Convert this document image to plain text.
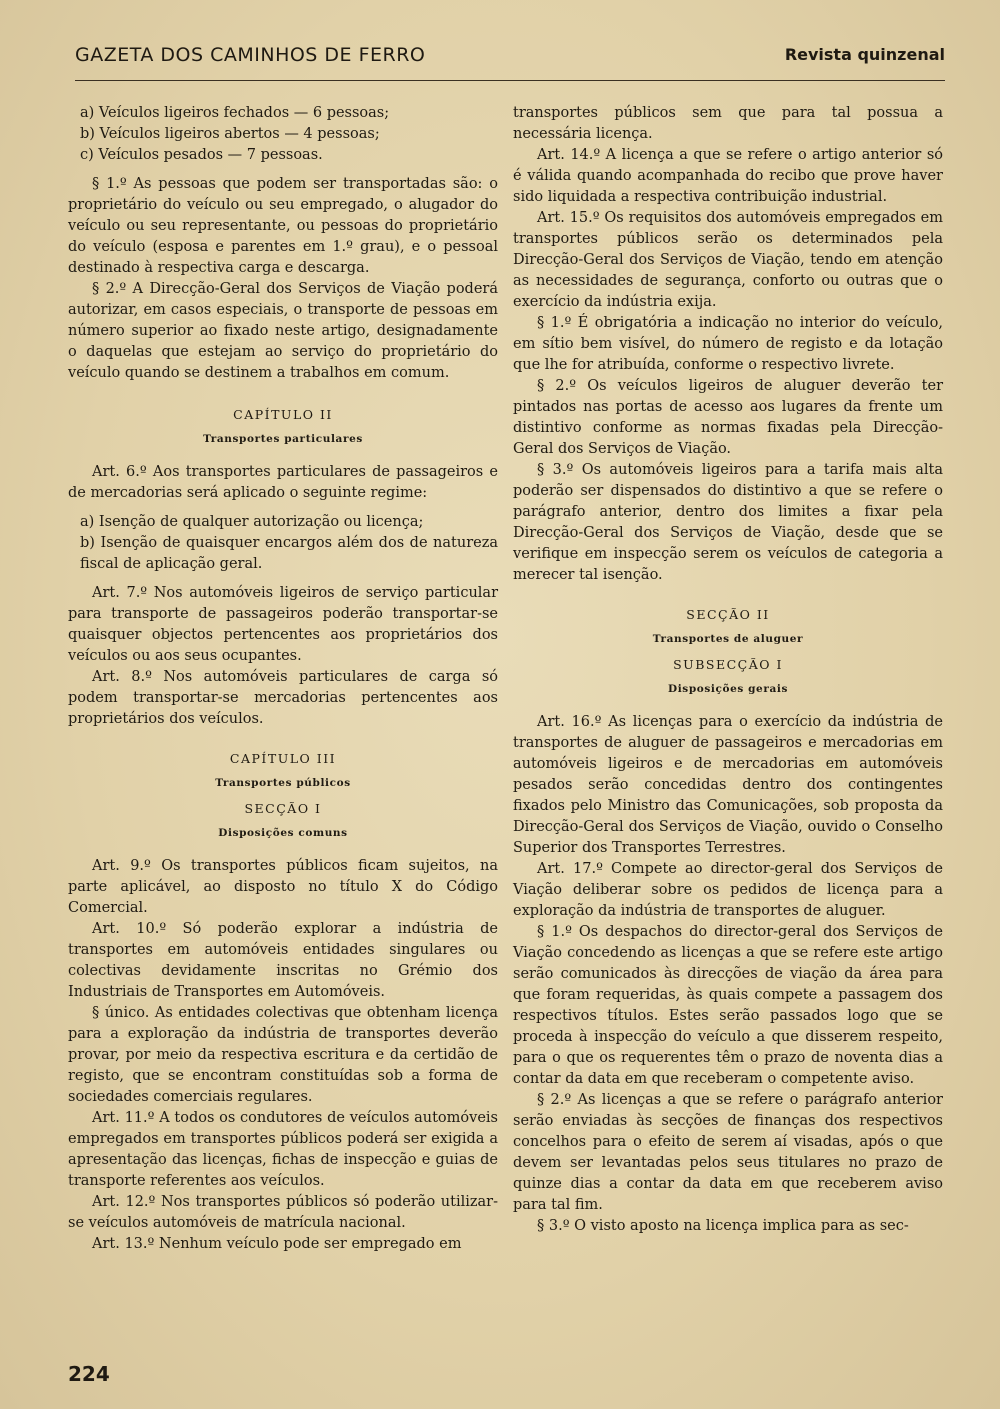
GAZETA DOS CAMINHOS DE FERRO	Revista quinzenal

a) Veículos ligeiros fechados — 6 pessoas;

b) Veículos ligeiros abertos — 4 pessoas;

c) Veículos pesados — 7 pessoas.

§ 1.º As pessoas que podem ser transportadas são: o proprietário do veículo ou seu empregado, o alugador do veículo ou seu representante, ou pessoas do proprietário do veículo (esposa e parentes em 1.º grau), e o pessoal destinado à respectiva carga e descarga.

§ 2.º A Direcção-Geral dos Serviços de Viação poderá autorizar, em casos especiais, o transporte de pessoas em número superior ao fixado neste artigo, designadamente o daquelas que estejam ao serviço do proprietário do veículo quando se destinem a trabalhos em comum.

CAPÍTULO II
Transportes particulares

Art. 6.º Aos transportes particulares de passageiros e de mercadorias será aplicado o seguinte regime:

a) Isenção de qualquer autorização ou licença;

b) Isenção de quaisquer encargos além dos de natureza fiscal de aplicação geral.

Art. 7.º Nos automóveis ligeiros de serviço particular para transporte de passageiros poderão transportar-se quaisquer objectos pertencentes aos proprietários dos veículos ou aos seus ocupantes.

Art. 8.º Nos automóveis particulares de carga só podem transportar-se mercadorias pertencentes aos proprietários dos veículos.

CAPÍTULO III
Transportes públicos
SECÇÃO I
Disposições comuns

Art. 9.º Os transportes públicos ficam sujeitos, na parte aplicável, ao disposto no título X do Código Comercial.

Art. 10.º Só poderão explorar a indústria de transportes em automóveis entidades singulares ou colectivas devidamente inscritas no Grémio dos Industriais de Transportes em Automóveis.

§ único. As entidades colectivas que obtenham licença para a exploração da indústria de transportes deverão provar, por meio da respectiva escritura e da certidão de registo, que se encontram constituídas sob a forma de sociedades comerciais regulares.

Art. 11.º A todos os condutores de veículos automóveis empregados em transportes públicos poderá ser exigida a apresentação das licenças, fichas de inspecção e guias de transporte referentes aos veículos.

Art. 12.º Nos transportes públicos só poderão utilizar-se veículos automóveis de matrícula nacional.

Art. 13.º Nenhum veículo pode ser empregado em

transportes públicos sem que para tal possua a necessária licença.

Art. 14.º A licença a que se refere o artigo anterior só é válida quando acompanhada do recibo que prove haver sido liquidada a respectiva contribuição industrial.

Art. 15.º Os requisitos dos automóveis empregados em transportes públicos serão os determinados pela Direcção-Geral dos Serviços de Viação, tendo em atenção as necessidades de segurança, conforto ou outras que o exercício da indústria exija.

§ 1.º É obrigatória a indicação no interior do veículo, em sítio bem visível, do número de registo e da lotação que lhe for atribuída, conforme o respectivo livrete.

§ 2.º Os veículos ligeiros de aluguer deverão ter pintados nas portas de acesso aos lugares da frente um distintivo conforme as normas fixadas pela Direcção-Geral dos Serviços de Viação.

§ 3.º Os automóveis ligeiros para a tarifa mais alta poderão ser dispensados do distintivo a que se refere o parágrafo anterior, dentro dos limites a fixar pela Direcção-Geral dos Serviços de Viação, desde que se verifique em inspecção serem os veículos de categoria a merecer tal isenção.

SECÇÃO II
Transportes de aluguer
SUBSECÇÃO I
Disposições gerais

Art. 16.º As licenças para o exercício da indústria de transportes de aluguer de passageiros e mercadorias em automóveis ligeiros e de mercadorias em automóveis pesados serão concedidas dentro dos contingentes fixados pelo Ministro das Comunicações, sob proposta da Direcção-Geral dos Serviços de Viação, ouvido o Conselho Superior dos Transportes Terrestres.

Art. 17.º Compete ao director-geral dos Serviços de Viação deliberar sobre os pedidos de licença para a exploração da indústria de transportes de aluguer.

§ 1.º Os despachos do director-geral dos Serviços de Viação concedendo as licenças a que se refere este artigo serão comunicados às direcções de viação da área para que foram requeridas, às quais compete a passagem dos respectivos títulos. Estes serão passados logo que se proceda à inspecção do veículo a que disserem respeito, para o que os requerentes têm o prazo de noventa dias a contar da data em que receberam o competente aviso.

§ 2.º As licenças a que se refere o parágrafo anterior serão enviadas às secções de finanças dos respectivos concelhos para o efeito de serem aí visadas, após o que devem ser levantadas pelos seus titulares no prazo de quinze dias a contar da data em que receberem aviso para tal fim.

§ 3.º O visto aposto na licença implica para as sec-

224
